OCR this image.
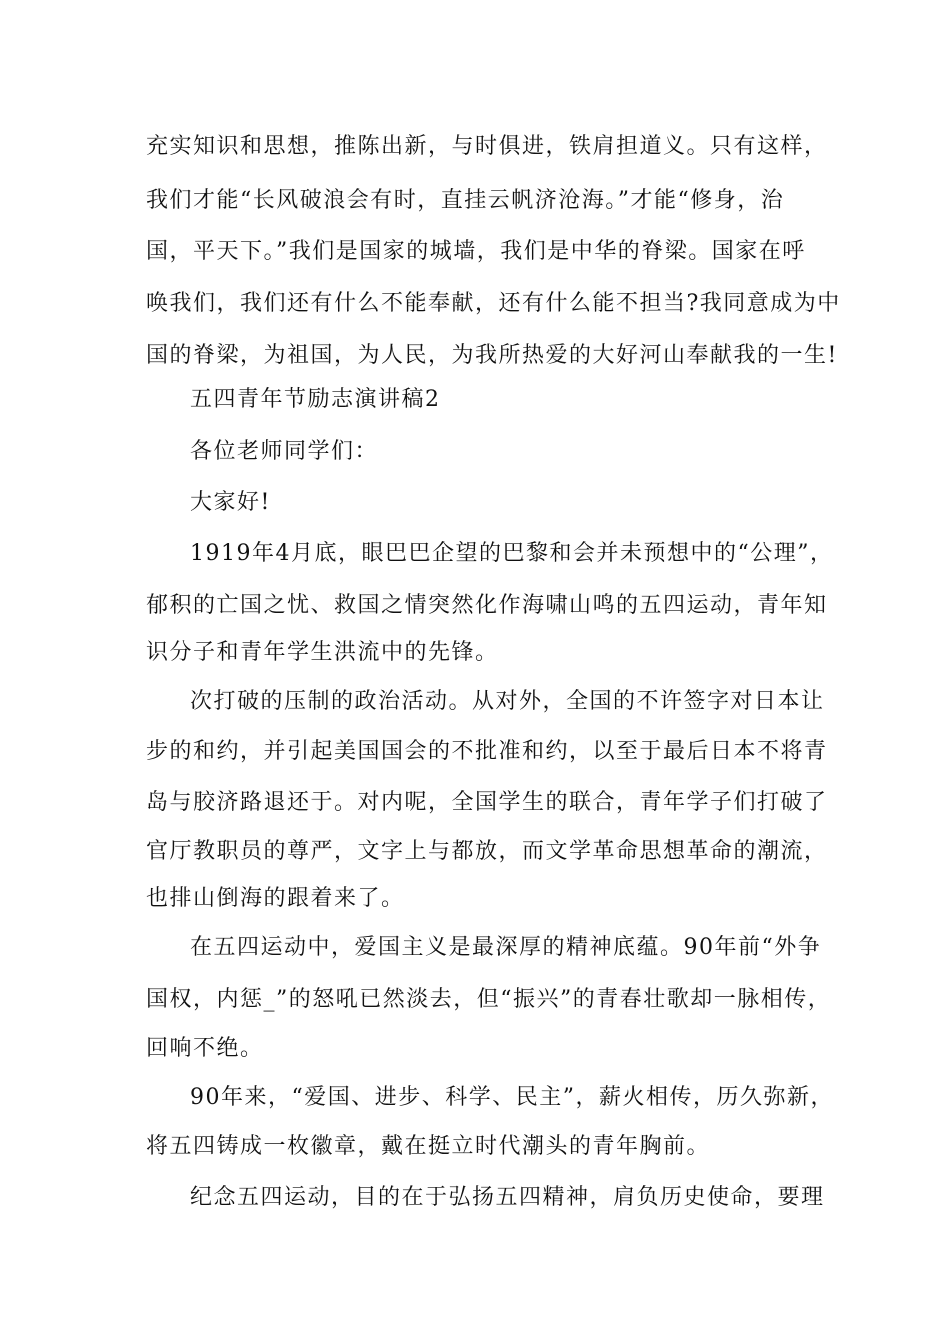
充实知识和思想，推陈出新，与时俱进，铁肩担道义。只有这样，
我们才能“长风破浪会有时，直挂云帆济沧海。”才能“修身，治
国，平天下。”我们是国家的城墙，我们是中华的脊梁。国家在呼
唤我们，我们还有什么不能奉献，还有什么能不担当?我同意成为中
国的脊梁，为祖国，为人民，为我所热爱的大好河山奉献我的一生!
五四青年节励志演讲稿2
各位老师同学们：
大家好!
1919年4月底，眼巴巴企望的巴黎和会并未预想中的“公理”，
郁积的亡国之忧、救国之情突然化作海啸山鸣的五四运动，青年知
识分子和青年学生洪流中的先锋。
次打破的压制的政治活动。从对外，全国的不许签字对日本让
步的和约，并引起美国国会的不批准和约，以至于最后日本不将青
岛与胶济路退还于。对内呢，全国学生的联合，青年学子们打破了
官厅教职员的尊严，文字上与都放，而文学革命思想革命的潮流，
也排山倒海的跟着来了。
在五四运动中，爱国主义是最深厚的精神底蕴。90年前“外争
国权，内惩_”的怒吼已然淡去，但“振兴”的青春壮歌却一脉相传，
回响不绝。
90年来，“爱国、进步、科学、民主”，薪火相传，历久弥新，
将五四铸成一枚徽章，戴在挺立时代潮头的青年胸前。
纪念五四运动，目的在于弘扬五四精神，肩负历史使命，要理
